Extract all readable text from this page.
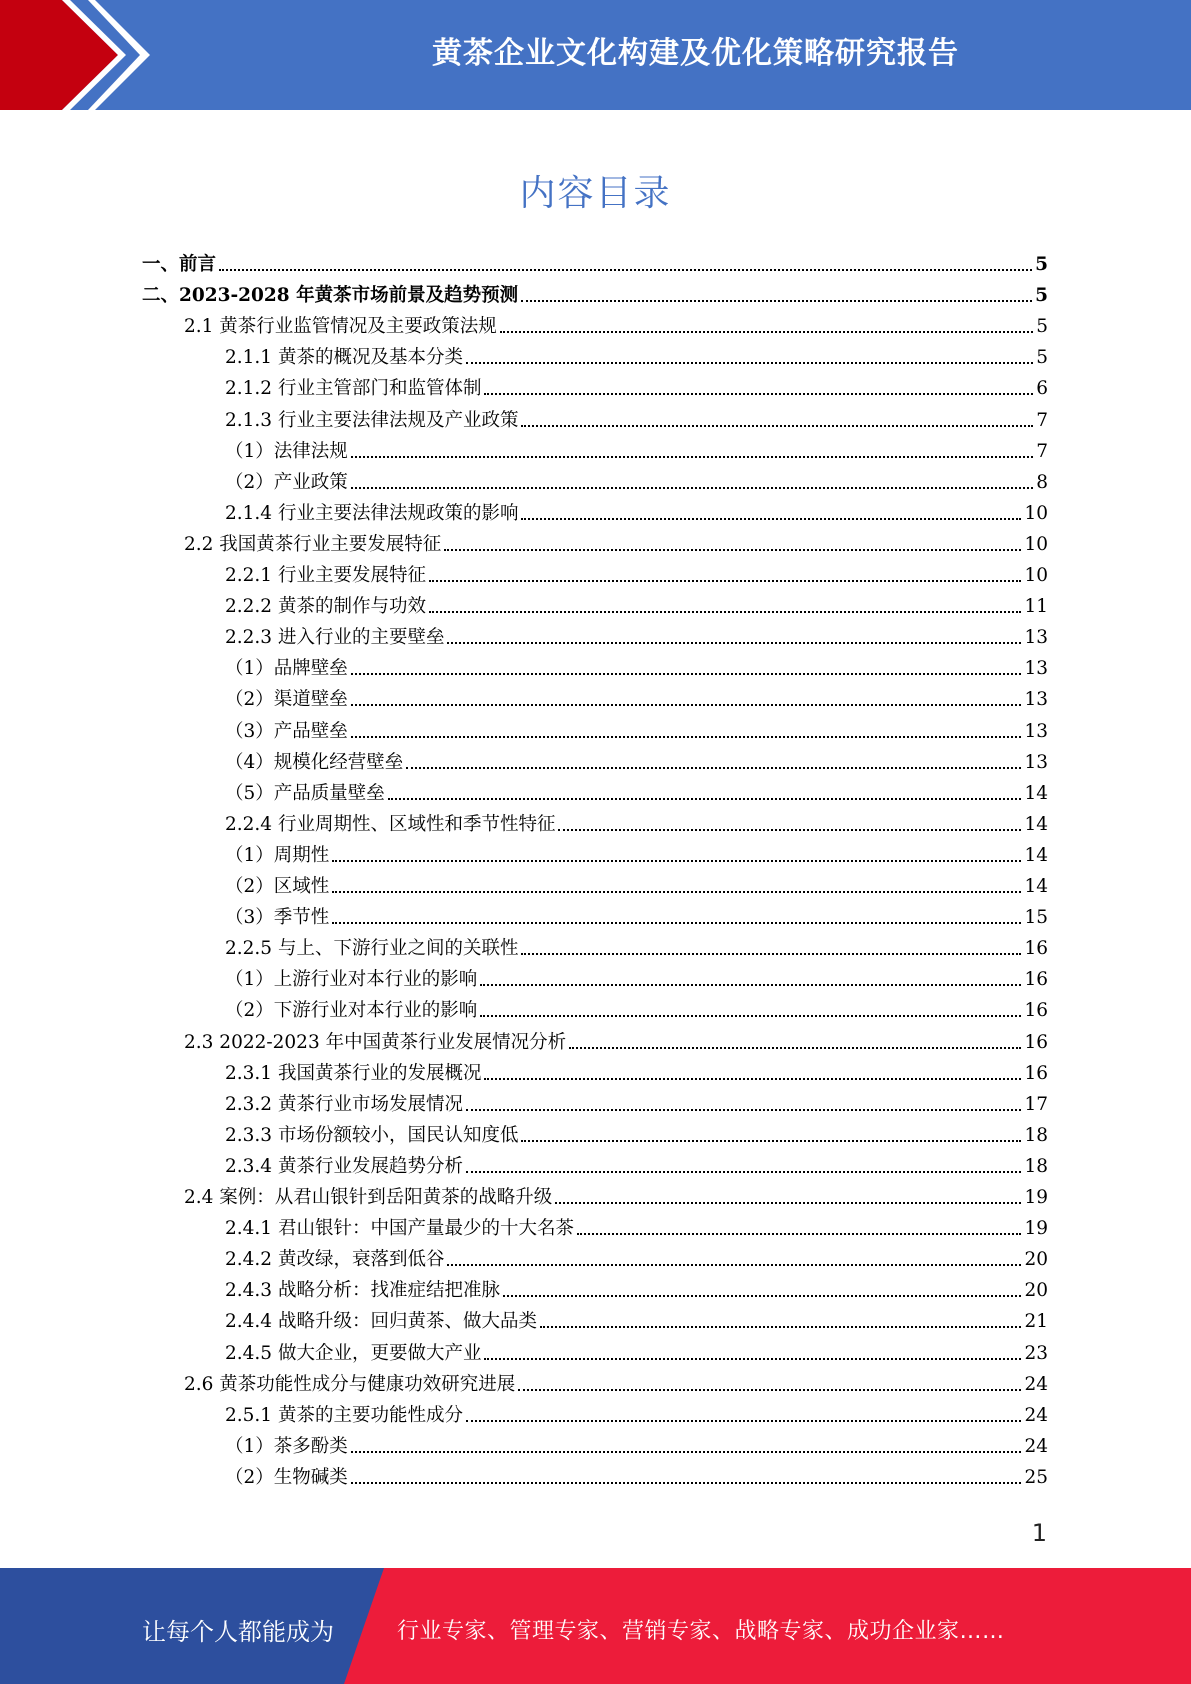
黄茶企业文化构建及优化策略研究报告
内容目录
一、前言	5
二、2023-2028 年黄茶市场前景及趋势预测	5
2.1 黄茶行业监管情况及主要政策法规	5
2.1.1 黄茶的概况及基本分类	5
2.1.2 行业主管部门和监管体制	6
2.1.3 行业主要法律法规及产业政策	7
（1）法律法规	7
（2）产业政策	8
2.1.4 行业主要法律法规政策的影响	10
2.2 我国黄茶行业主要发展特征	10
2.2.1 行业主要发展特征	10
2.2.2 黄茶的制作与功效	11
2.2.3 进入行业的主要壁垒	13
（1）品牌壁垒	13
（2）渠道壁垒	13
（3）产品壁垒	13
（4）规模化经营壁垒	13
（5）产品质量壁垒	14
2.2.4 行业周期性、区域性和季节性特征	14
（1）周期性	14
（2）区域性	14
（3）季节性	15
2.2.5 与上、下游行业之间的关联性	16
（1）上游行业对本行业的影响	16
（2）下游行业对本行业的影响	16
2.3 2022-2023 年中国黄茶行业发展情况分析	16
2.3.1 我国黄茶行业的发展概况	16
2.3.2 黄茶行业市场发展情况	17
2.3.3 市场份额较小，国民认知度低	18
2.3.4 黄茶行业发展趋势分析	18
2.4 案例：从君山银针到岳阳黄茶的战略升级	19
2.4.1 君山银针：中国产量最少的十大名茶	19
2.4.2 黄改绿，衰落到低谷	20
2.4.3 战略分析：找准症结把准脉	20
2.4.4 战略升级：回归黄茶、做大品类	21
2.4.5 做大企业，更要做大产业	23
2.6 黄茶功能性成分与健康功效研究进展	24
2.5.1 黄茶的主要功能性成分	24
（1）茶多酚类	24
（2）生物碱类	25
1
让每个人都能成为	行业专家、管理专家、营销专家、战略专家、成功企业家……
